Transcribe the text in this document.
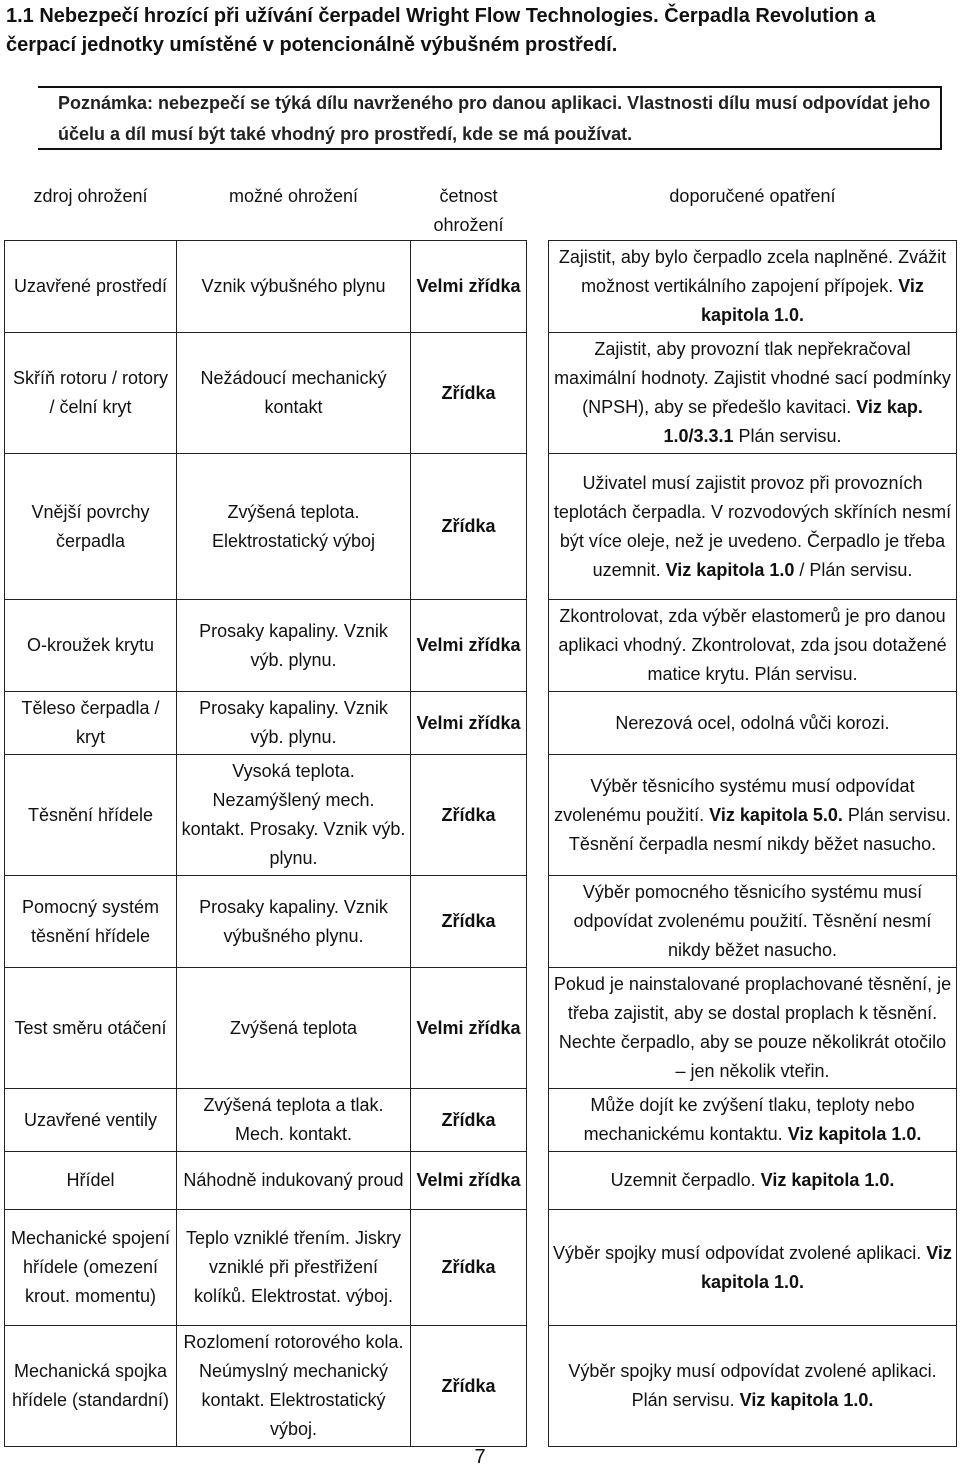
1.1 Nebezpečí hrozící při užívání čerpadel Wright Flow Technologies. Čerpadla Revolution a čerpací jednotky umístěné v potencionálně výbušném prostředí.
Poznámka: nebezpečí se týká dílu navrženého pro danou aplikaci. Vlastnosti dílu musí odpovídat jeho účelu a díl musí být také vhodný pro prostředí, kde se má používat.
zdroj ohrožení	možné ohrožení	četnost ohrožení		doporučené opatření
Uzavřené prostředí	Vznik výbušného plynu	Velmi zřídka		Zajistit, aby bylo čerpadlo zcela naplněné. Zvážit možnost vertikálního zapojení přípojek. Viz kapitola 1.0.
Skříň rotoru / rotory / čelní kryt	Nežádoucí mechanický kontakt	Zřídka		Zajistit, aby provozní tlak nepřekračoval maximální hodnoty. Zajistit vhodné sací podmínky (NPSH), aby se předešlo kavitaci. Viz kap. 1.0/3.3.1 Plán servisu.
Vnější povrchy čerpadla	Zvýšená teplota. Elektrostatický výboj	Zřídka		Uživatel musí zajistit provoz při provozních teplotách čerpadla. V rozvodových skříních nesmí být více oleje, než je uvedeno. Čerpadlo je třeba uzemnit. Viz kapitola 1.0 / Plán servisu.
O-kroužek krytu	Prosaky kapaliny. Vznik výb. plynu.	Velmi zřídka		Zkontrolovat, zda výběr elastomerů je pro danou aplikaci vhodný. Zkontrolovat, zda jsou dotažené matice krytu. Plán servisu.
Těleso čerpadla / kryt	Prosaky kapaliny. Vznik výb. plynu.	Velmi zřídka		Nerezová ocel, odolná vůči korozi.
Těsnění hřídele	Vysoká teplota. Nezamýšlený mech. kontakt. Prosaky. Vznik výb. plynu.	Zřídka		Výběr těsnicího systému musí odpovídat zvolenému použití. Viz kapitola 5.0. Plán servisu. Těsnění čerpadla nesmí nikdy běžet nasucho.
Pomocný systém těsnění hřídele	Prosaky kapaliny. Vznik výbušného plynu.	Zřídka		Výběr pomocného těsnicího systému musí odpovídat zvolenému použití. Těsnění nesmí nikdy běžet nasucho.
Test směru otáčení	Zvýšená teplota	Velmi zřídka		Pokud je nainstalované proplachované těsnění, je třeba zajistit, aby se dostal proplach k těsnění. Nechte čerpadlo, aby se pouze několikrát otočilo – jen několik vteřin.
Uzavřené ventily	Zvýšená teplota a tlak. Mech. kontakt.	Zřídka		Může dojít ke zvýšení tlaku, teploty nebo mechanickému kontaktu. Viz kapitola 1.0.
Hřídel	Náhodně indukovaný proud	Velmi zřídka		Uzemnit čerpadlo. Viz kapitola 1.0.
Mechanické spojení hřídele (omezení krout. momentu)	Teplo vzniklé třením. Jiskry vzniklé při přestřižení kolíků. Elektrostat. výboj.	Zřídka		Výběr spojky musí odpovídat zvolené aplikaci. Viz kapitola 1.0.
Mechanická spojka hřídele (standardní)	Rozlomení rotorového kola. Neúmyslný mechanický kontakt. Elektrostatický výboj.	Zřídka		Výběr spojky musí odpovídat zvolené aplikaci. Plán servisu. Viz kapitola 1.0.
7
